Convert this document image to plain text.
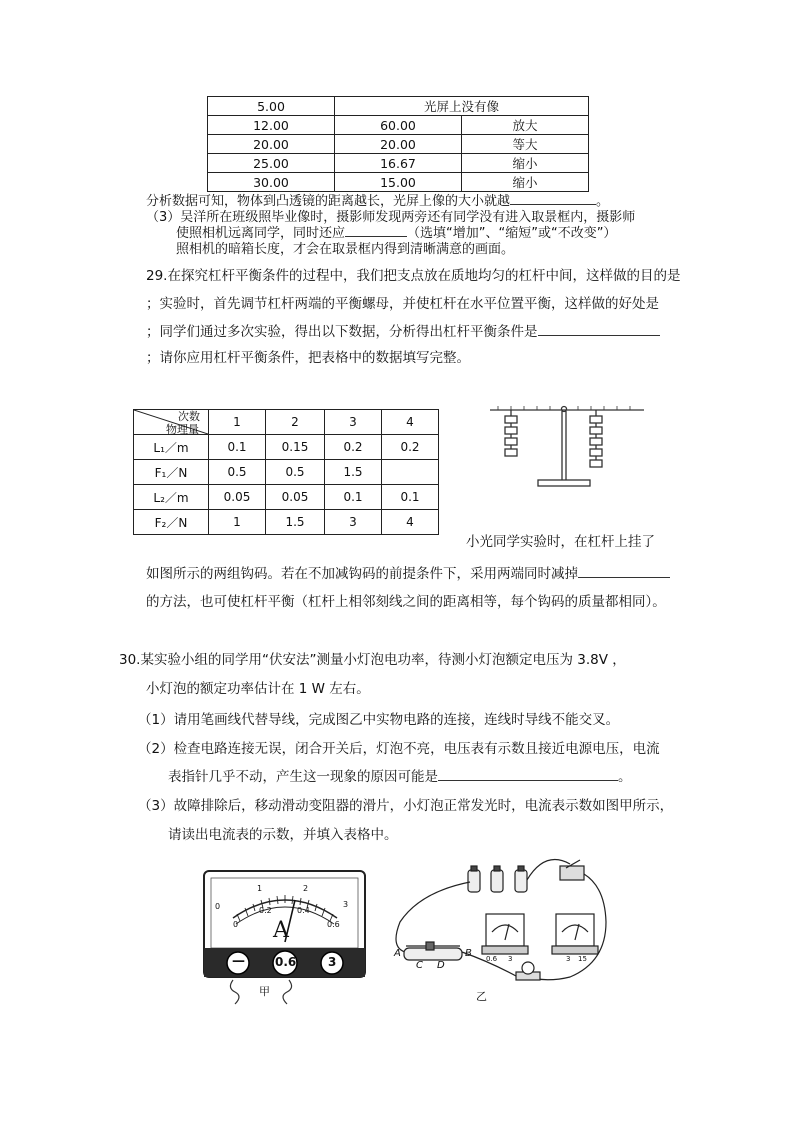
5.00	光屏上没有像	
12.00	60.00	放大
20.00	20.00	等大
25.00	16.67	缩小
30.00	15.00	缩小
分析数据可知，物体到凸透镜的距离越长，光屏上像的大小就越	。
（3）吴洋所在班级照毕业像时，摄影师发现两旁还有同学没有进入取景框内，摄影师
使照相机远离同学，同时还应	（选填“增加”、“缩短”或“不改变”）
照相机的暗箱长度，才会在取景框内得到清晰满意的画面。
29.在探究杠杆平衡条件的过程中，我们把支点放在质地均匀的杠杆中间，这样做的目的是
；实验时，首先调节杠杆两端的平衡螺母，并使杠杆在水平位置平衡，这样做的好处是
；同学们通过多次实验，得出以下数据，分析得出杠杆平衡条件是
；请你应用杠杆平衡条件，把表格中的数据填写完整。
次数
物理量	1	2	3	4
L₁／m	0.1	0.15	0.2	0.2
F₁／N	0.5	0.5	1.5	
L₂／m	0.05	0.05	0.1	0.1
F₂／N	1	1.5	3	4
小光同学实验时，在杠杆上挂了
如图所示的两组钩码。若在不加减钩码的前提条件下，采用两端同时减掉
的方法，也可使杠杆平衡（杠杆上相邻刻线之间的距离相等，每个钩码的质量都相同）。
30.某实验小组的同学用“伏安法”测量小灯泡电功率，待测小灯泡额定电压为 3.8V ，
小灯泡的额定功率估计在 1 W 左右。
（1）请用笔画线代替导线，完成图乙中实物电路的连接，连线时导线不能交叉。
（2）检查电路连接无误，闭合开关后，灯泡不亮，电压表有示数且接近电源电压，电流
表指针几乎不动，产生这一现象的原因可能是	。
（3）故障排除后，移动滑动变阻器的滑片，小灯泡正常发光时，电流表示数如图甲所示，
请读出电流表的示数，并填入表格中。
1	2
3
0
0
0.2	0.4
0.6
A
—	0.6	3
甲
A	B
C D
0.6 3	3 15
乙
